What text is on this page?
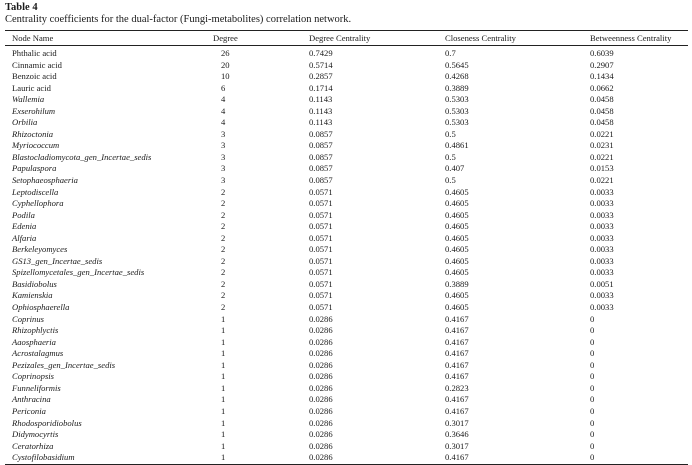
Table 4

Centrality coefficients for the dual-factor (Fungi-metabolites) correlation network.

Node Name	Degree	Degree Centrality	Closeness Centrality	Betweenness Centrality
Phthalic acid	26	0.7429	0.7	0.6039
Cinnamic acid	20	0.5714	0.5645	0.2907
Benzoic acid	10	0.2857	0.4268	0.1434
Lauric acid	6	0.1714	0.3889	0.0662
Wallemia	4	0.1143	0.5303	0.0458
Exserohilum	4	0.1143	0.5303	0.0458
Orbilia	4	0.1143	0.5303	0.0458
Rhizoctonia	3	0.0857	0.5	0.0221
Myriococcum	3	0.0857	0.4861	0.0231
Blastocladiomycota_gen_Incertae_sedis	3	0.0857	0.5	0.0221
Papulaspora	3	0.0857	0.407	0.0153
Setophaeosphaeria	3	0.0857	0.5	0.0221
Leptodiscella	2	0.0571	0.4605	0.0033
Cyphellophora	2	0.0571	0.4605	0.0033
Podila	2	0.0571	0.4605	0.0033
Edenia	2	0.0571	0.4605	0.0033
Alfaria	2	0.0571	0.4605	0.0033
Berkeleyomyces	2	0.0571	0.4605	0.0033
GS13_gen_Incertae_sedis	2	0.0571	0.4605	0.0033
Spizellomycetales_gen_Incertae_sedis	2	0.0571	0.4605	0.0033
Basidiobolus	2	0.0571	0.3889	0.0051
Kamienskia	2	0.0571	0.4605	0.0033
Ophiosphaerella	2	0.0571	0.4605	0.0033
Coprinus	1	0.0286	0.4167	0
Rhizophlyctis	1	0.0286	0.4167	0
Aaosphaeria	1	0.0286	0.4167	0
Acrostalagmus	1	0.0286	0.4167	0
Pezizales_gen_Incertae_sedis	1	0.0286	0.4167	0
Coprinopsis	1	0.0286	0.4167	0
Funneliformis	1	0.0286	0.2823	0
Anthracina	1	0.0286	0.4167	0
Periconia	1	0.0286	0.4167	0
Rhodosporidiobolus	1	0.0286	0.3017	0
Didymocyrtis	1	0.0286	0.3646	0
Ceratorhiza	1	0.0286	0.3017	0
Cystofilobasidium	1	0.0286	0.4167	0
